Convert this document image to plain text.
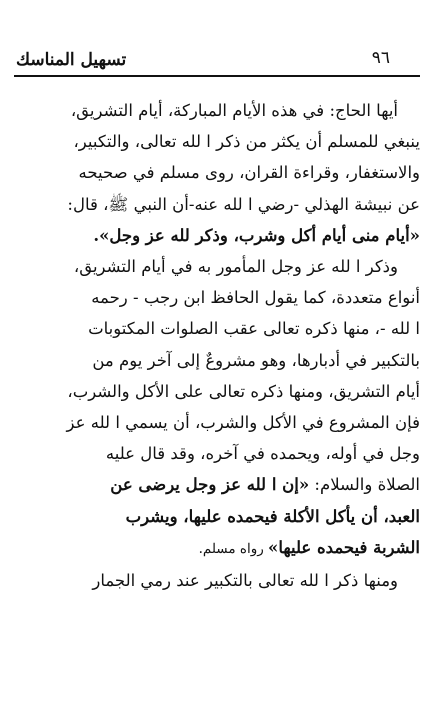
تسهيل المناسك	٩٦

أيها الحاج: في هذه الأيام المباركة، أيام التشريق،
ينبغي للمسلم أن يكثر من ذكر ا لله تعالى، والتكبير،
والاستغفار، وقراءة القران، روى مسلم في صحيحه
عن نبيشة الهذلي -رضي ا لله عنه-أن النبي ﷺ، قال:
«أيام منى أيام أكل وشرب، وذكر لله عز وجل».

وذكر ا لله عز وجل المأمور به في أيام التشريق،
أنواع متعددة، كما يقول الحافظ ابن رجب - رحمه
ا لله -، منها ذكره تعالى عقب الصلوات المكتوبات
بالتكبير في أدبارها، وهو مشروعٌ إلى آخر يوم من
أيام التشريق، ومنها ذكره تعالى على الأكل والشرب،
فإن المشروع في الأكل والشرب، أن يسمي ا لله عز
وجل في أوله، ويحمده في آخره، وقد قال عليه
الصلاة والسلام: «إن ا لله عز وجل يرضى عن
العبد، أن يأكل الأكلة فيحمده عليها، ويشرب
الشربة فيحمده عليها» رواه مسلم.

ومنها ذكر ا لله تعالى بالتكبير عند رمي الجمار
